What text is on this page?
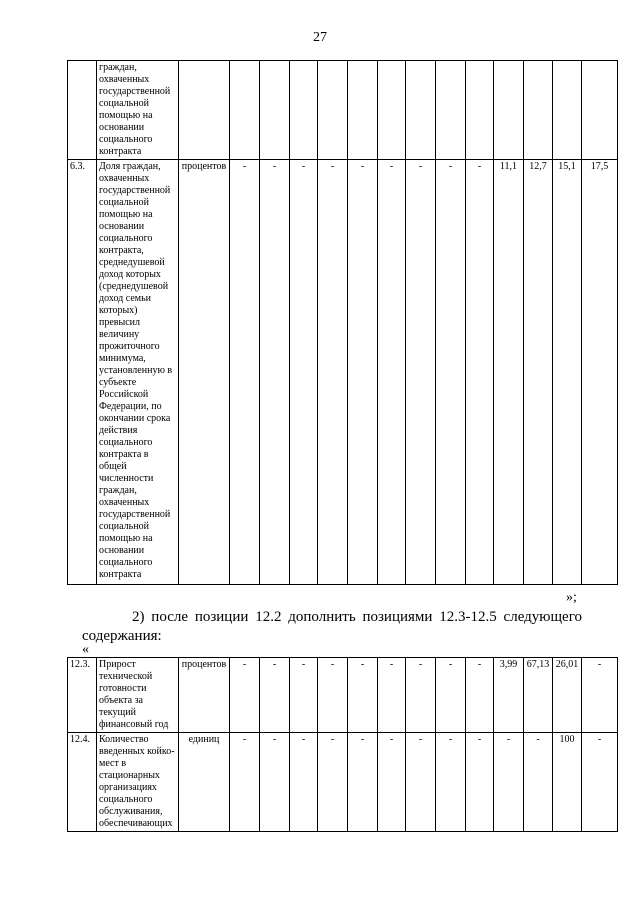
27
	граждан, охваченных государственной социальной помощью на основании социального контракта														
6.3.	Доля граждан, охваченных государственной социальной помощью на основании социального контракта, среднедушевой доход которых (среднедушевой доход семьи которых) превысил величину прожиточного минимума, установленную в субъекте Российской Федерации, по окончании срока действия социального контракта в общей численности граждан, охваченных государственной социальной помощью на основании социального контракта	процентов	-	-	-	-	-	-	-	-	-	11,1	12,7	15,1	17,5
»;
2) после позиции 12.2 дополнить позициями 12.3-12.5 следующего
содержания:
«
12.3.	Прирост технической готовности объекта за текущий финансовый год	процентов	-	-	-	-	-	-	-	-	-	3,99	67,13	26,01	-
12.4.	Количество введенных койко-мест в стационарных организациях социального обслуживания, обеспечивающих	единиц	-	-	-	-	-	-	-	-	-	-	-	100	-
